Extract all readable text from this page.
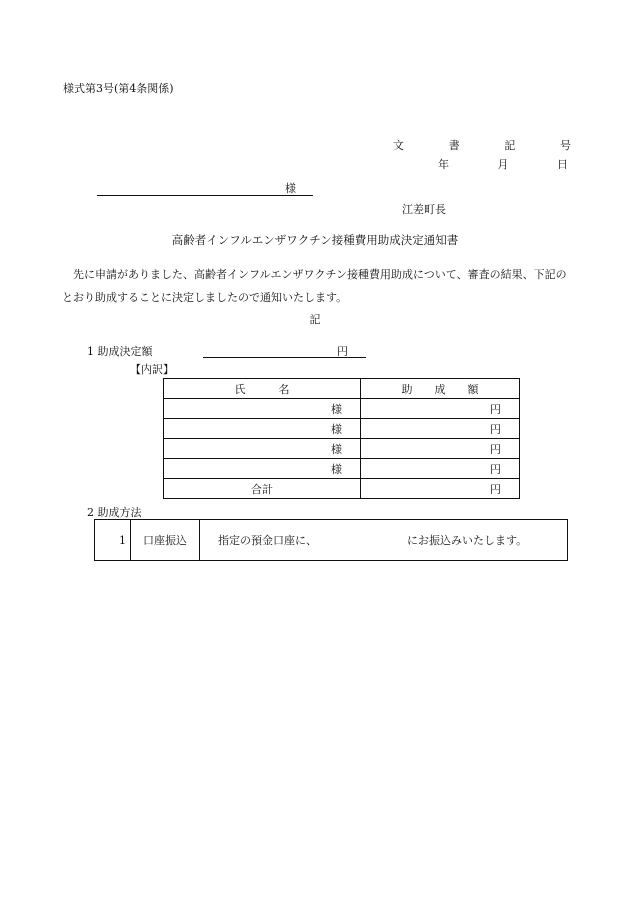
様式第3号(第4条関係)
文	書	記	号
年	月	日
様
江差町長
高齢者インフルエンザワクチン接種費用助成決定通知書
　先に申請がありました、高齢者インフルエンザワクチン接種費用助成について、審査の結果、下記のとおり助成することに決定しましたので通知いたします。
記
1 助成決定額	円
【内訳】
氏　　　名	助　　成　　額
様	円
様	円
様	円
様	円
合計	円
2 助成方法
1	口座振込	指定の預金口座に、	にお振込みいたします。
